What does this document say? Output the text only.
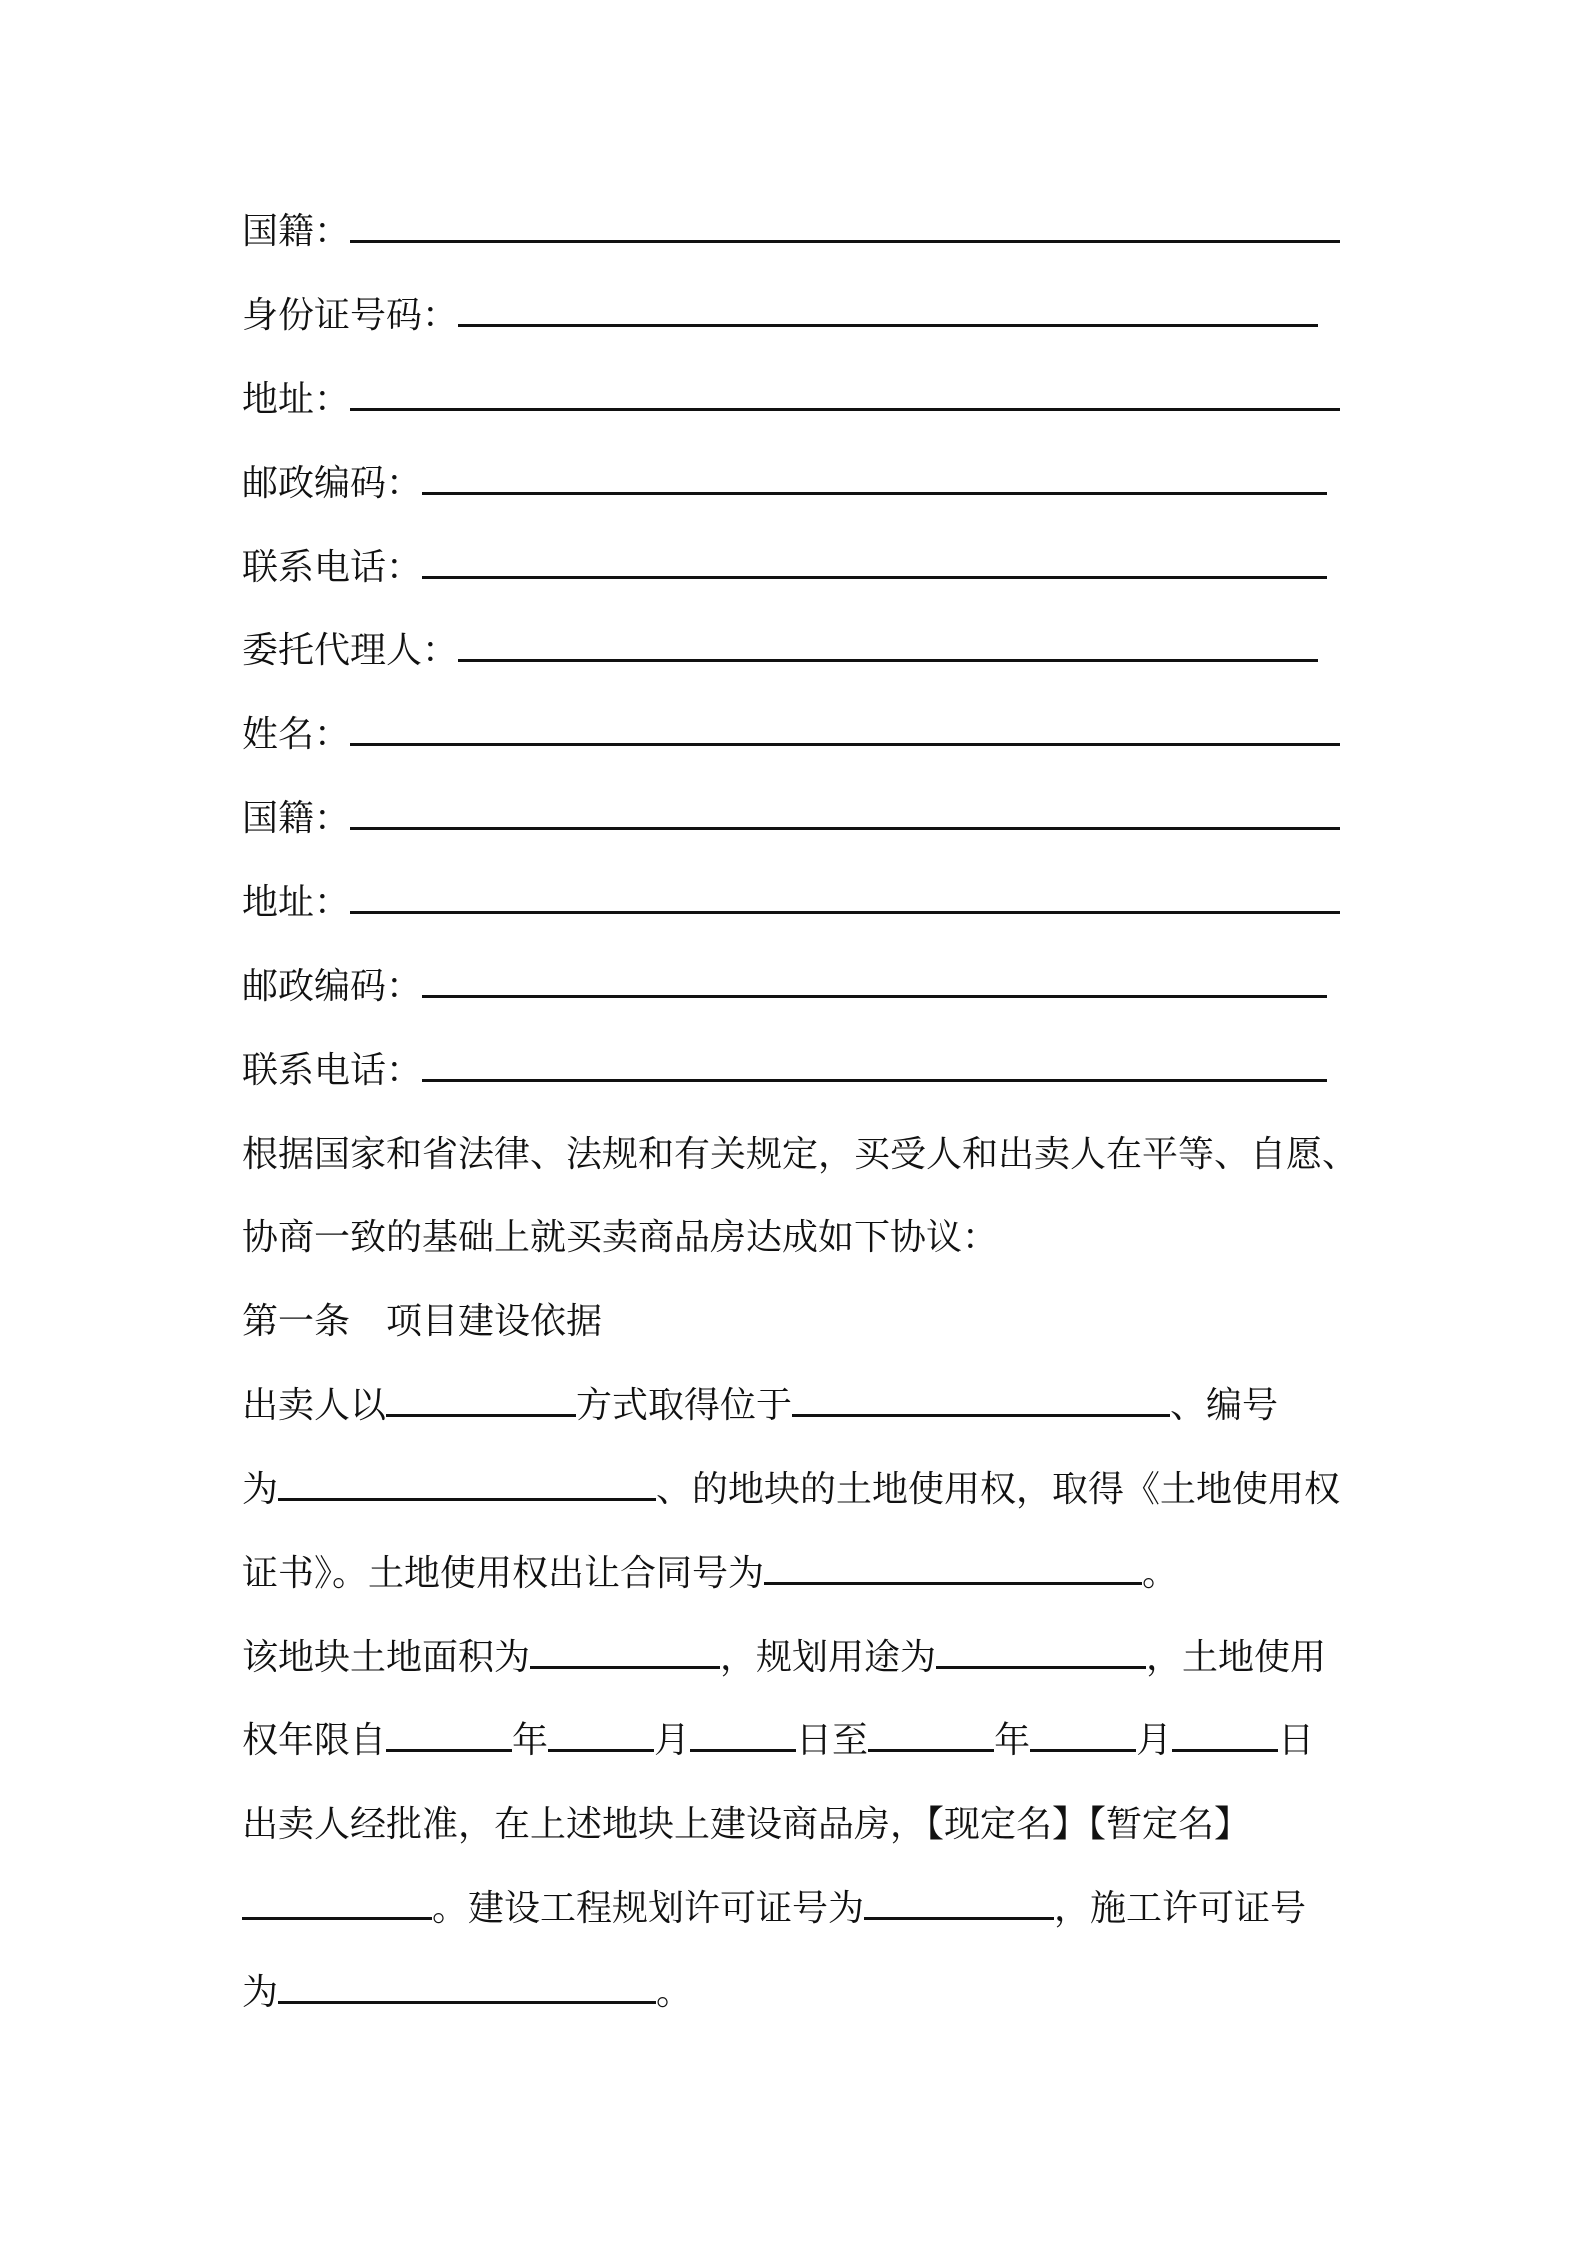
国籍：
身份证号码：
地址：
邮政编码：
联系电话：
委托代理人：
姓名：
国籍：
地址：
邮政编码：
联系电话：
根据国家和省法律、法规和有关规定，买受人和出卖人在平等、自愿、
协商一致的基础上就买卖商品房达成如下协议：
第一条　项目建设依据
出卖人以	方式取得位于	、编号
为	、的地块的土地使用权，取得《土地使用权
证书》。土地使用权出让合同号为	。
该地块土地面积为	，规划用途为	，土地使用
权年限自	年	月	日至	年	月	日
出卖人经批准，在上述地块上建设商品房，【现定名】【暂定名】
。建设工程规划许可证号为	，施工许可证号
为	。
